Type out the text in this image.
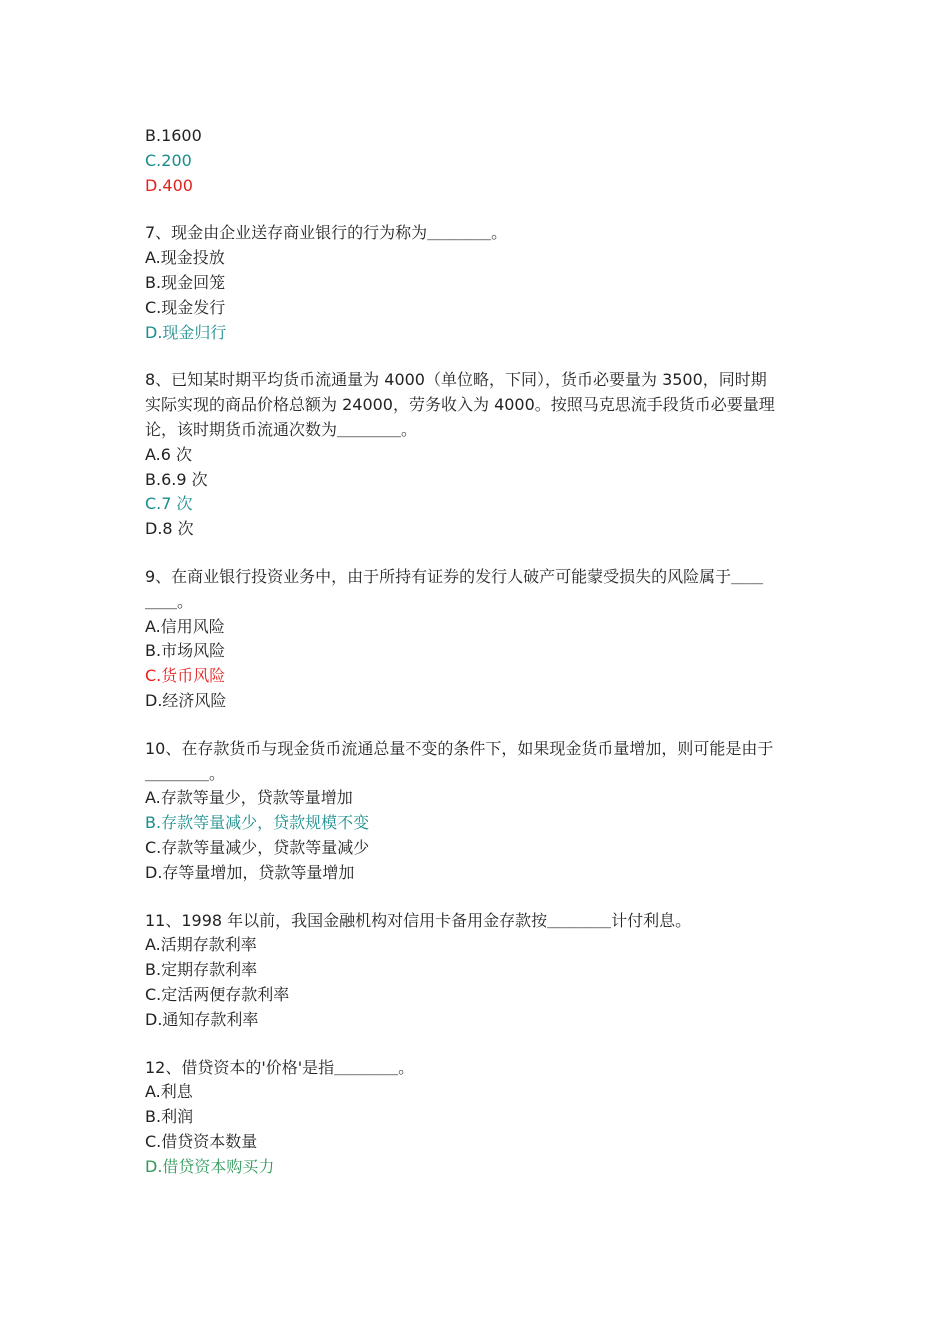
B.1600
C.200
D.400
7、现金由企业送存商业银行的行为称为＿＿＿＿。
A.现金投放
B.现金回笼
C.现金发行
D.现金归行
8、已知某时期平均货币流通量为 4000（单位略，下同），货币必要量为 3500，同时期
实际实现的商品价格总额为 24000，劳务收入为 4000。按照马克思流手段货币必要量理
论，该时期货币流通次数为＿＿＿＿。
A.6 次
B.6.9 次
C.7 次
D.8 次
9、在商业银行投资业务中，由于所持有证券的发行人破产可能蒙受损失的风险属于＿＿
＿＿。
A.信用风险
B.市场风险
C.货币风险
D.经济风险
10、在存款货币与现金货币流通总量不变的条件下，如果现金货币量增加，则可能是由于
＿＿＿＿。
A.存款等量少，贷款等量增加
B.存款等量减少，贷款规模不变
C.存款等量减少，贷款等量减少
D.存等量增加，贷款等量增加
11、1998 年以前，我国金融机构对信用卡备用金存款按＿＿＿＿计付利息。
A.活期存款利率
B.定期存款利率
C.定活两便存款利率
D.通知存款利率
12、借贷资本的'价格'是指＿＿＿＿。
A.利息
B.利润
C.借贷资本数量
D.借贷资本购买力
